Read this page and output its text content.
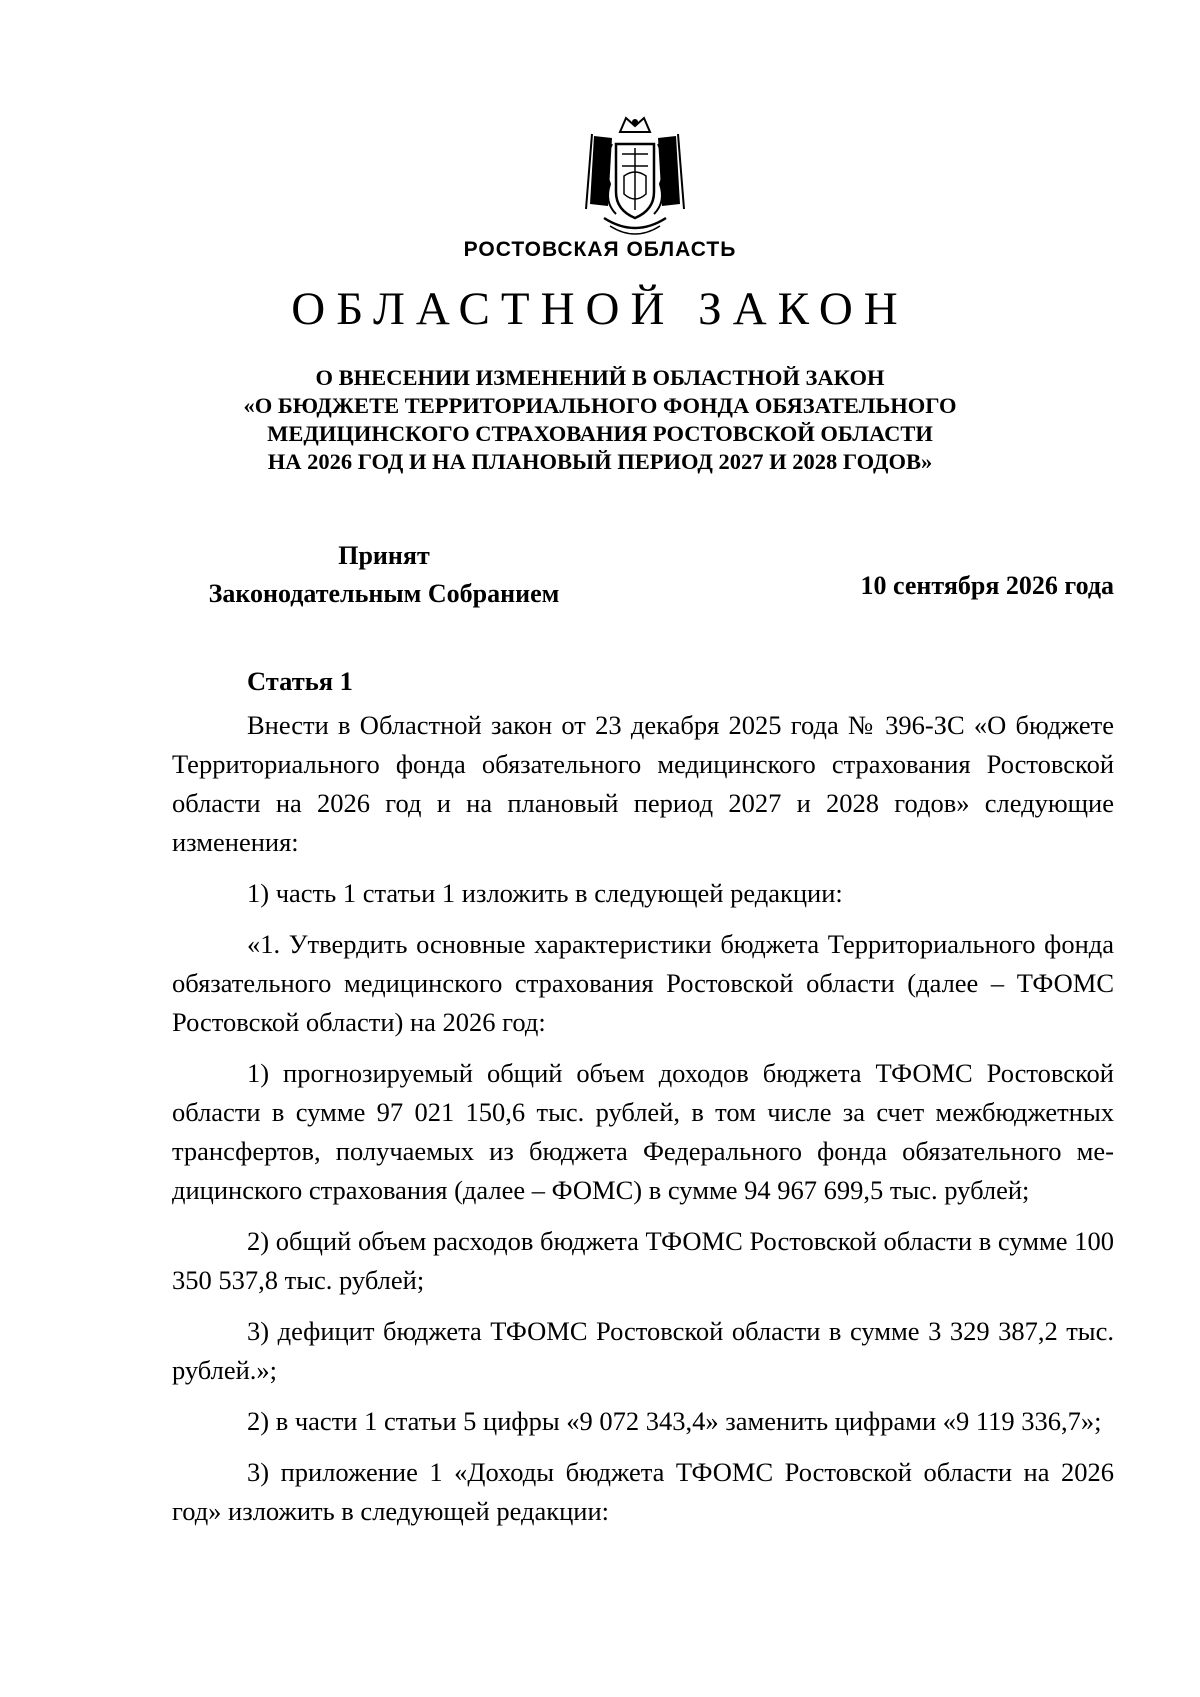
РОСТОВСКАЯ ОБЛАСТЬ
ОБЛАСТНОЙ ЗАКОН
О ВНЕСЕНИИ ИЗМЕНЕНИЙ В ОБЛАСТНОЙ ЗАКОН
«О БЮДЖЕТЕ ТЕРРИТОРИАЛЬНОГО ФОНДА ОБЯЗАТЕЛЬНОГО
МЕДИЦИНСКОГО СТРАХОВАНИЯ РОСТОВСКОЙ ОБЛАСТИ
НА 2026 ГОД И НА ПЛАНОВЫЙ ПЕРИОД 2027 И 2028 ГОДОВ»
Принят
Законодательным Собранием	10 сентября 2026 года
Статья 1

Внести в Областной закон от 23 декабря 2025 года № 396-ЗС «О бюджете Территориального фонда обязательного медицинского страхования Ростовской области на 2026 год и на плановый период 2027 и 2028 годов» следующие изменения:

1) часть 1 статьи 1 изложить в следующей редакции:

«1. Утвердить основные характеристики бюджета Территориального фонда обязательного медицинского страхования Ростовской области (далее – ТФОМС Ростовской области) на 2026 год:

1) прогнозируемый общий объем доходов бюджета ТФОМС Ростовской области в сумме 97 021 150,6 тыс. рублей, в том числе за счет межбюджетных трансфертов, получаемых из бюджета Федерального фонда обязательного медицинского страхования (далее – ФОМС) в сумме 94 967 699,5 тыс. рублей;

2) общий объем расходов бюджета ТФОМС Ростовской области в сумме 100 350 537,8 тыс. рублей;

3) дефицит бюджета ТФОМС Ростовской области в сумме 3 329 387,2 тыс. рублей.»;

2) в части 1 статьи 5 цифры «9 072 343,4» заменить цифрами «9 119 336,7»;

3) приложение 1 «Доходы бюджета ТФОМС Ростовской области на 2026 год» изложить в следующей редакции:
